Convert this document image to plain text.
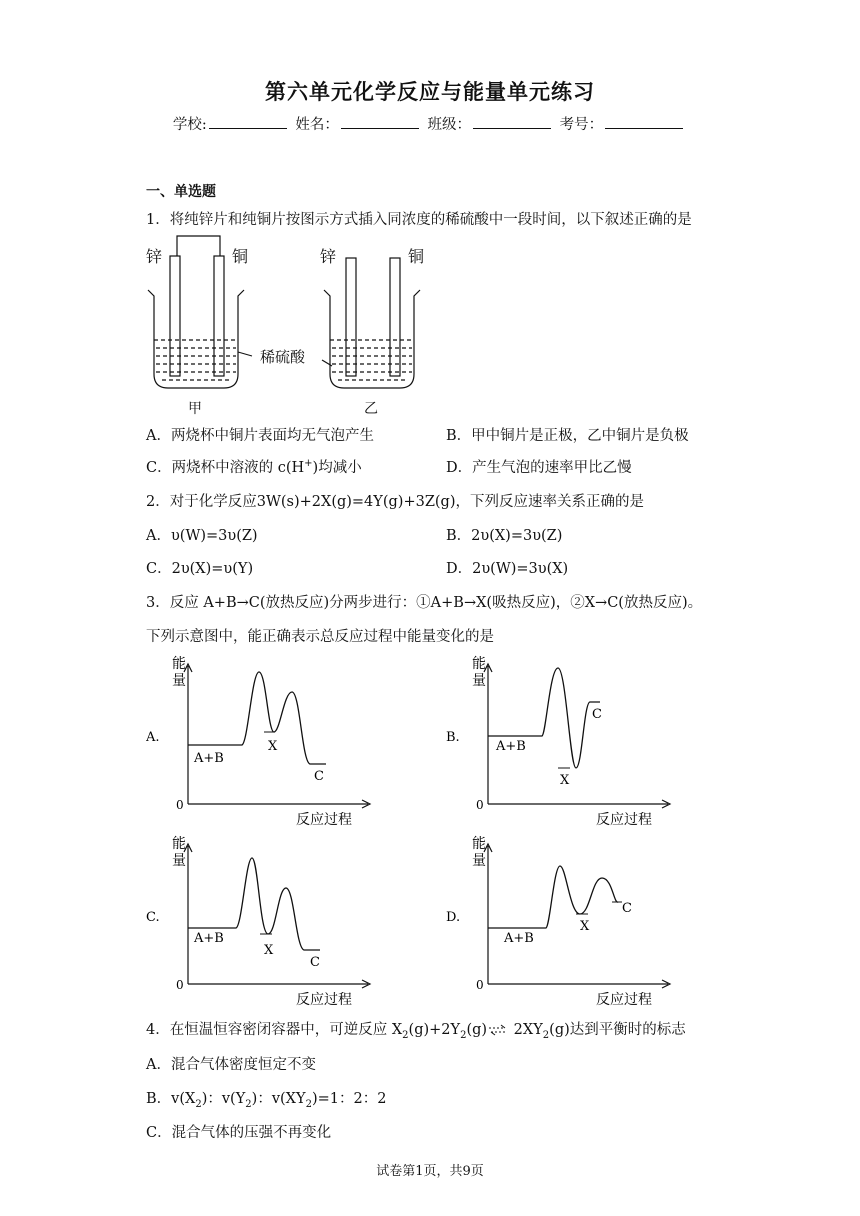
第六单元化学反应与能量单元练习
学校:	姓名：	班级：	考号：
一、单选题
1．将纯锌片和纯铜片按图示方式插入同浓度的稀硫酸中一段时间，以下叙述正确的是
锌	铜
甲
锌	铜
乙
稀硫酸
A．两烧杯中铜片表面均无气泡产生	B．甲中铜片是正极，乙中铜片是负极
C．两烧杯中溶液的 c(H+)均减小	D．产生气泡的速率甲比乙慢
2．对于化学反应3W(s)+2X(g)=4Y(g)+3Z(g)，下列反应速率关系正确的是
A．υ(W)=3υ(Z)	B．2υ(X)=3υ(Z)
C．2υ(X)=υ(Y)	D．2υ(W)=3υ(X)
3．反应 A+B→C(放热反应)分两步进行：①A+B→X(吸热反应)，②X→C(放热反应)。
下列示意图中，能正确表示总反应过程中能量变化的是
A.
能
量
0
反应过程
A+B
X
C
B.
能
量
0
反应过程
A+B
X
C
C.
能
量
0
反应过程
A+B
X
C
D.
能
量
0
反应过程
A+B
X
C
4．在恒温恒容密闭容器中，可逆反应 $X_2(g)+2Y_2(g)\rightleftharpoons$ $2XY_2(g)$达到平衡时的标志
A．混合气体密度恒定不变
B．$v(X_2)$：$v(Y_2)$：$v(XY_2)=1$：2：2
C．混合气体的压强不再变化
试卷第1页，共9页
